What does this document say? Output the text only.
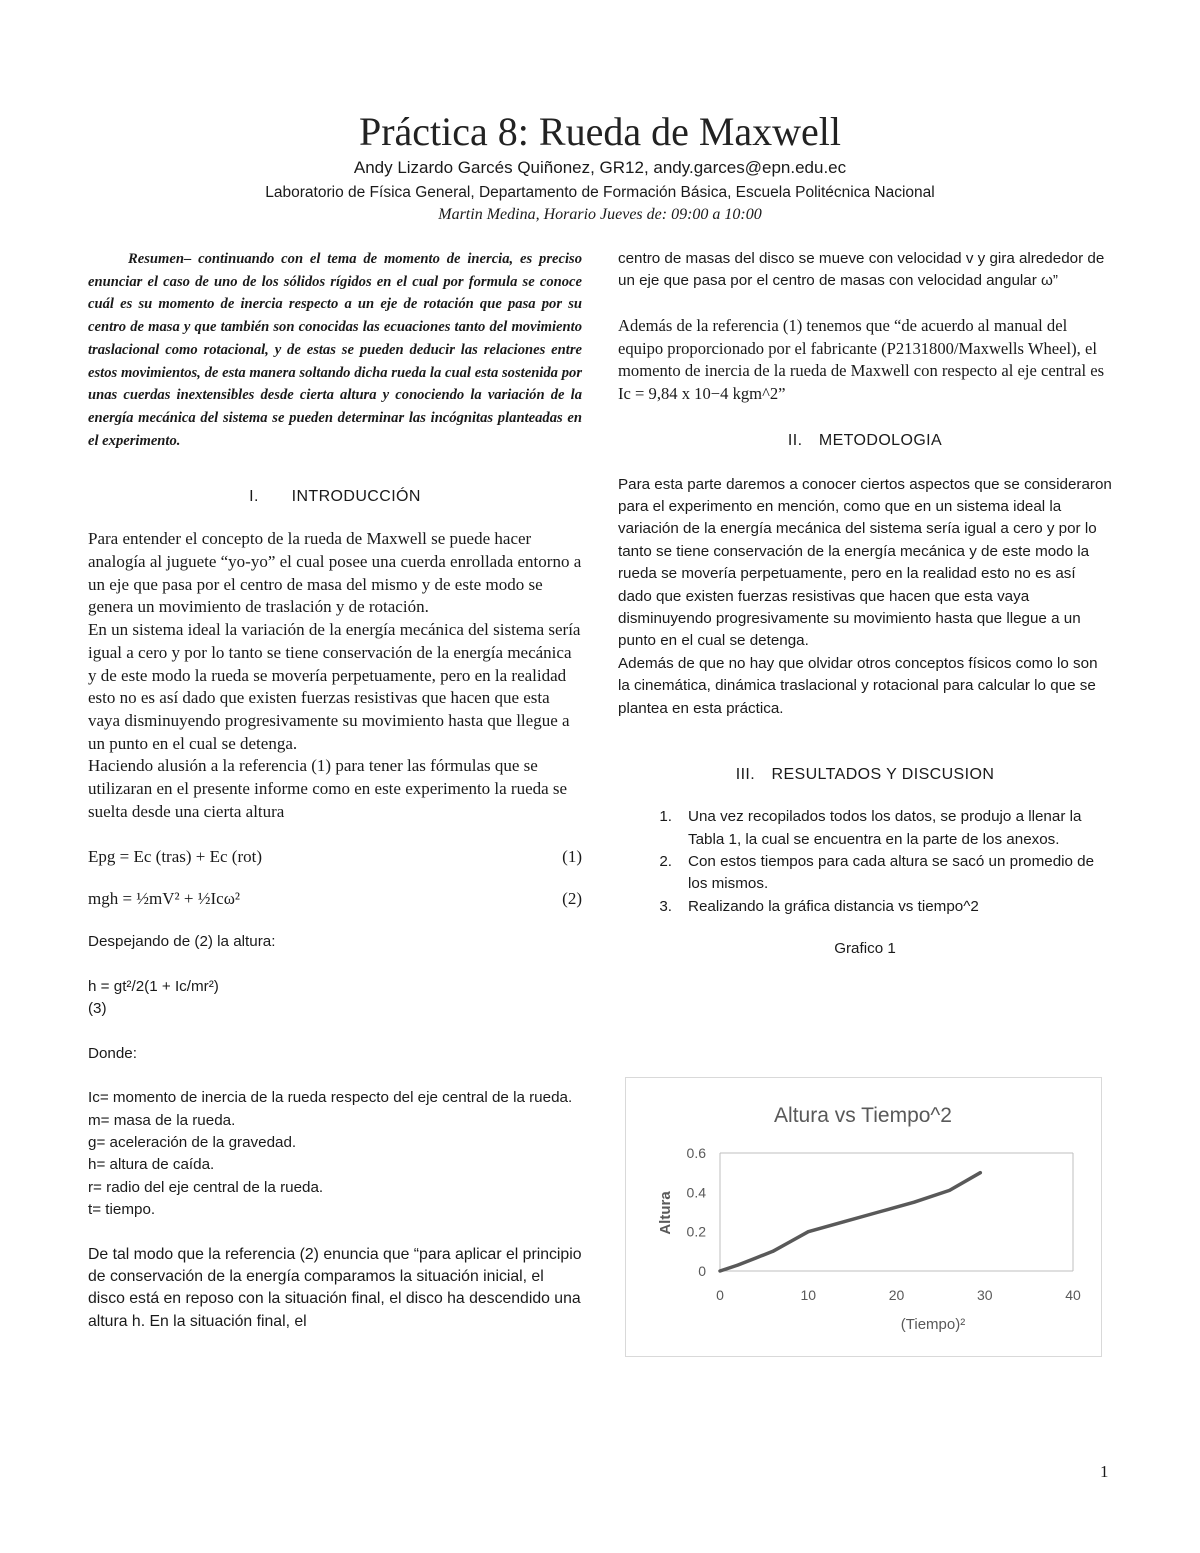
Práctica 8: Rueda de Maxwell
Andy Lizardo Garcés Quiñonez, GR12, andy.garces@epn.edu.ec
Laboratorio de Física General, Departamento de Formación Básica, Escuela Politécnica Nacional
Martin Medina, Horario Jueves de: 09:00 a 10:00

Resumen– continuando con el tema de momento de inercia, es preciso enunciar el caso de uno de los sólidos rígidos en el cual por formula se conoce cuál es su momento de inercia respecto a un eje de rotación que pasa por su centro de masa y que también son conocidas las ecuaciones tanto del movimiento traslacional como rotacional, y de estas se pueden deducir las relaciones entre estos movimientos, de esta manera soltando dicha rueda la cual esta sostenida por unas cuerdas inextensibles desde cierta altura y conociendo la variación de la energía mecánica del sistema se pueden determinar las incógnitas planteadas en el experimento.

I.  INTRODUCCIÓN

Para entender el concepto de la rueda de Maxwell se puede hacer analogía al juguete “yo-yo” el cual posee una cuerda enrollada entorno a un eje que pasa por el centro de masa del mismo y de este modo se genera un movimiento de traslación y de rotación.

En un sistema ideal la variación de la energía mecánica del sistema sería igual a cero y por lo tanto se tiene conservación de la energía mecánica y de este modo la rueda se movería perpetuamente, pero en la realidad esto no es así dado que existen fuerzas resistivas que hacen que esta vaya disminuyendo progresivamente su movimiento hasta que llegue a un punto en el cual se detenga.

Haciendo alusión a la referencia (1) para tener las fórmulas que se utilizaran en el presente informe como en este experimento la rueda se suelta desde una cierta altura

Epg = Ec (tras) + Ec (rot)	(1)
mgh = ½mV² + ½Icω²	(2)

Despejando de (2) la altura:

h = gt²/2(1 + Ic/mr²)

(3)

Donde:

Ic= momento de inercia de la rueda respecto del eje central de la rueda.

m= masa de la rueda.

g= aceleración de la gravedad.

h= altura de caída.

r= radio del eje central de la rueda.

t= tiempo.

De tal modo que la referencia (2) enuncia que “para aplicar el principio de conservación de la energía comparamos la situación inicial, el disco está en reposo con la situación final, el disco ha descendido una altura h. En la situación final, el

centro de masas del disco se mueve con velocidad v y gira alrededor de un eje que pasa por el centro de masas con velocidad angular ω”

Además de la referencia (1) tenemos que “de acuerdo al manual del equipo proporcionado por el fabricante (P2131800/Maxwells Wheel), el momento de inercia de la rueda de Maxwell con respecto al eje central es Ic = 9,84 x 10−4 kgm^2”

II. METODOLOGIA

Para esta parte daremos a conocer ciertos aspectos que se consideraron para el experimento en mención, como que en un sistema ideal la variación de la energía mecánica del sistema sería igual a cero y por lo tanto se tiene conservación de la energía mecánica y de este modo la rueda se movería perpetuamente, pero en la realidad esto no es así dado que existen fuerzas resistivas que hacen que esta vaya disminuyendo progresivamente su movimiento hasta que llegue a un punto en el cual se detenga.

Además de que no hay que olvidar otros conceptos físicos como lo son la cinemática, dinámica traslacional y rotacional para calcular lo que se plantea en esta práctica.

III. RESULTADOS Y DISCUSION

1.	Una vez recopilados todos los datos, se produjo a llenar la Tabla 1, la cual se encuentra en la parte de los anexos.
2.	Con estos tiempos para cada altura se sacó un promedio de los mismos.
3.	Realizando la gráfica distancia vs tiempo^2

Grafico 1

Altura vs Tiempo^2
Altura
(Tiempo)²
0	10	20	30	40
0
0.2
0.4
0.6
1
